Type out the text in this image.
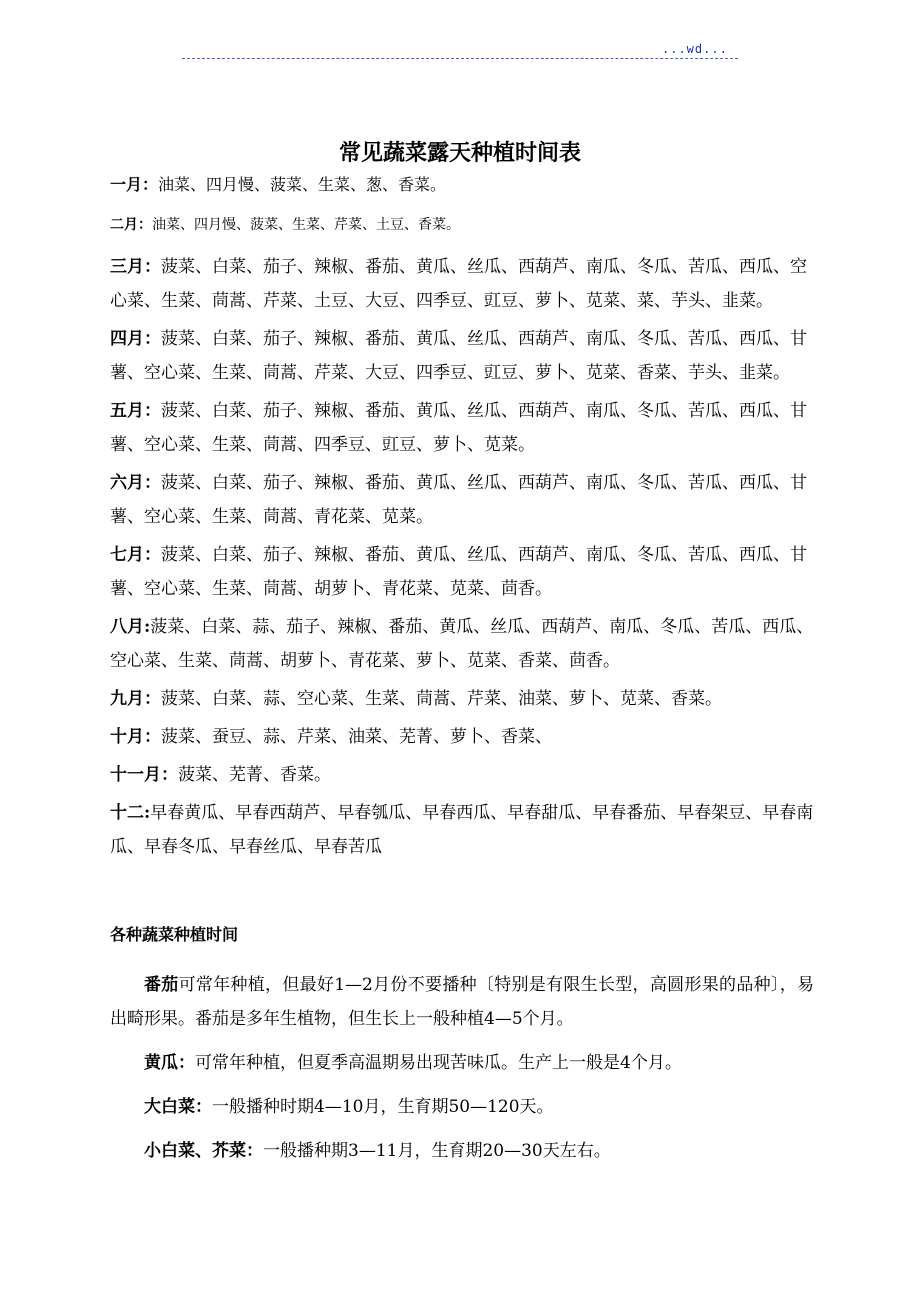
...wd...
常见蔬菜露天种植时间表

一月：油菜、四月慢、菠菜、生菜、葱、香菜。

二月：油菜、四月慢、菠菜、生菜、芹菜、土豆、香菜。

三月：菠菜、白菜、茄子、辣椒、番茄、黄瓜、丝瓜、西葫芦、南瓜、冬瓜、苦瓜、西瓜、空心菜、生菜、茼蒿、芹菜、土豆、大豆、四季豆、豇豆、萝卜、苋菜、菜、芋头、韭菜。

四月：菠菜、白菜、茄子、辣椒、番茄、黄瓜、丝瓜、西葫芦、南瓜、冬瓜、苦瓜、西瓜、甘薯、空心菜、生菜、茼蒿、芹菜、大豆、四季豆、豇豆、萝卜、苋菜、香菜、芋头、韭菜。

五月：菠菜、白菜、茄子、辣椒、番茄、黄瓜、丝瓜、西葫芦、南瓜、冬瓜、苦瓜、西瓜、甘薯、空心菜、生菜、茼蒿、四季豆、豇豆、萝卜、苋菜。

六月：菠菜、白菜、茄子、辣椒、番茄、黄瓜、丝瓜、西葫芦、南瓜、冬瓜、苦瓜、西瓜、甘薯、空心菜、生菜、茼蒿、青花菜、苋菜。

七月：菠菜、白菜、茄子、辣椒、番茄、黄瓜、丝瓜、西葫芦、南瓜、冬瓜、苦瓜、西瓜、甘薯、空心菜、生菜、茼蒿、胡萝卜、青花菜、苋菜、茴香。

八月:菠菜、白菜、蒜、茄子、辣椒、番茄、黄瓜、丝瓜、西葫芦、南瓜、冬瓜、苦瓜、西瓜、空心菜、生菜、茼蒿、胡萝卜、青花菜、萝卜、苋菜、香菜、茴香。

九月：菠菜、白菜、蒜、空心菜、生菜、茼蒿、芹菜、油菜、萝卜、苋菜、香菜。

十月：菠菜、蚕豆、蒜、芹菜、油菜、芜菁、萝卜、香菜、

十一月：菠菜、芜菁、香菜。

十二:早春黄瓜、早春西葫芦、早春瓠瓜、早春西瓜、早春甜瓜、早春番茄、早春架豆、早春南瓜、早春冬瓜、早春丝瓜、早春苦瓜

各种蔬菜种植时间

番茄可常年种植，但最好1—2月份不要播种〔特别是有限生长型，高圆形果的品种〕，易出畸形果。番茄是多年生植物，但生长上一般种植4—5个月。

黄瓜：可常年种植，但夏季高温期易出现苦味瓜。生产上一般是4个月。

大白菜：一般播种时期4—10月，生育期50—120天。

小白菜、芥菜：一般播种期3—11月，生育期20—30天左右。
